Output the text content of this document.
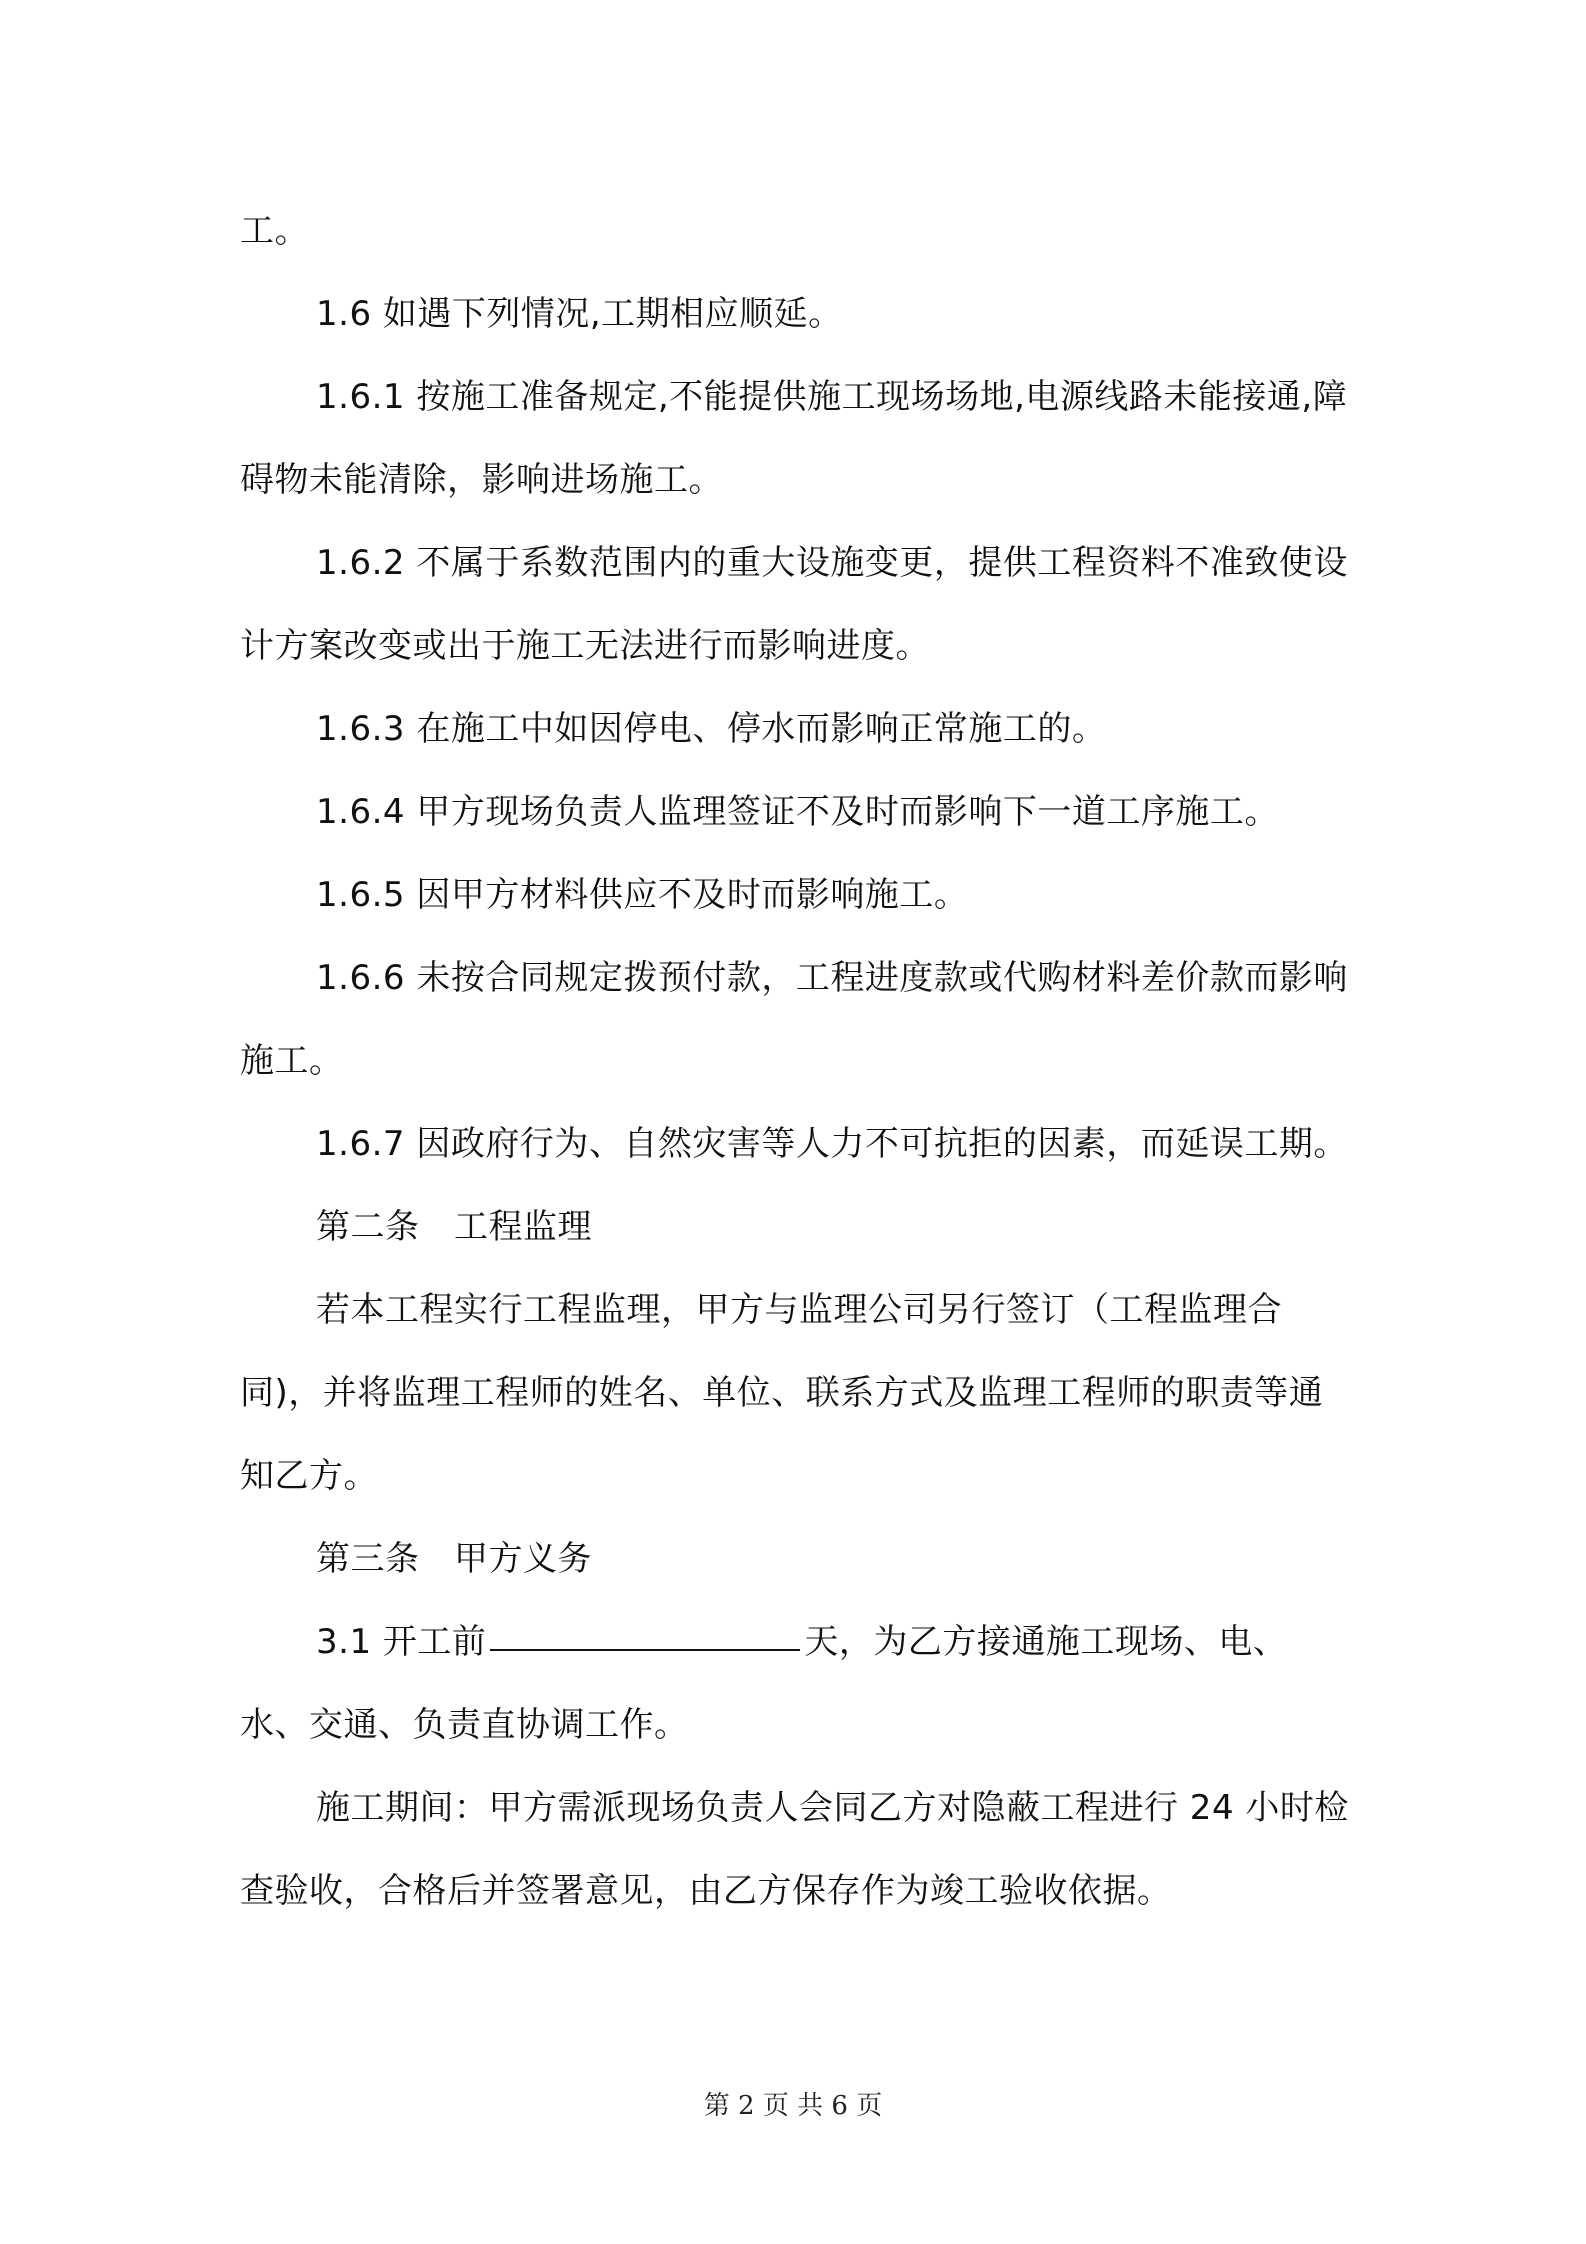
工。

1.6 如遇下列情况,工期相应顺延。

1.6.1 按施工准备规定,不能提供施工现场场地,电源线路未能接通,障碍物未能清除，影响进场施工。

1.6.2 不属于系数范围内的重大设施变更，提供工程资料不准致使设计方案改变或出于施工无法进行而影响进度。

1.6.3 在施工中如因停电、停水而影响正常施工的。

1.6.4 甲方现场负责人监理签证不及时而影响下一道工序施工。

1.6.5 因甲方材料供应不及时而影响施工。

1.6.6 未按合同规定拨预付款，工程进度款或代购材料差价款而影响施工。

1.6.7 因政府行为、自然灾害等人力不可抗拒的因素，而延误工期。

第二条　工程监理

若本工程实行工程监理，甲方与监理公司另行签订（工程监理合同)，并将监理工程师的姓名、单位、联系方式及监理工程师的职责等通知乙方。

第三条　甲方义务

3.1 开工前	天，为乙方接通施工现场、电、水、交通、负责直协调工作。

施工期间：甲方需派现场负责人会同乙方对隐蔽工程进行 24 小时检查验收，合格后并签署意见，由乙方保存作为竣工验收依据。

第 2 页 共 6 页
